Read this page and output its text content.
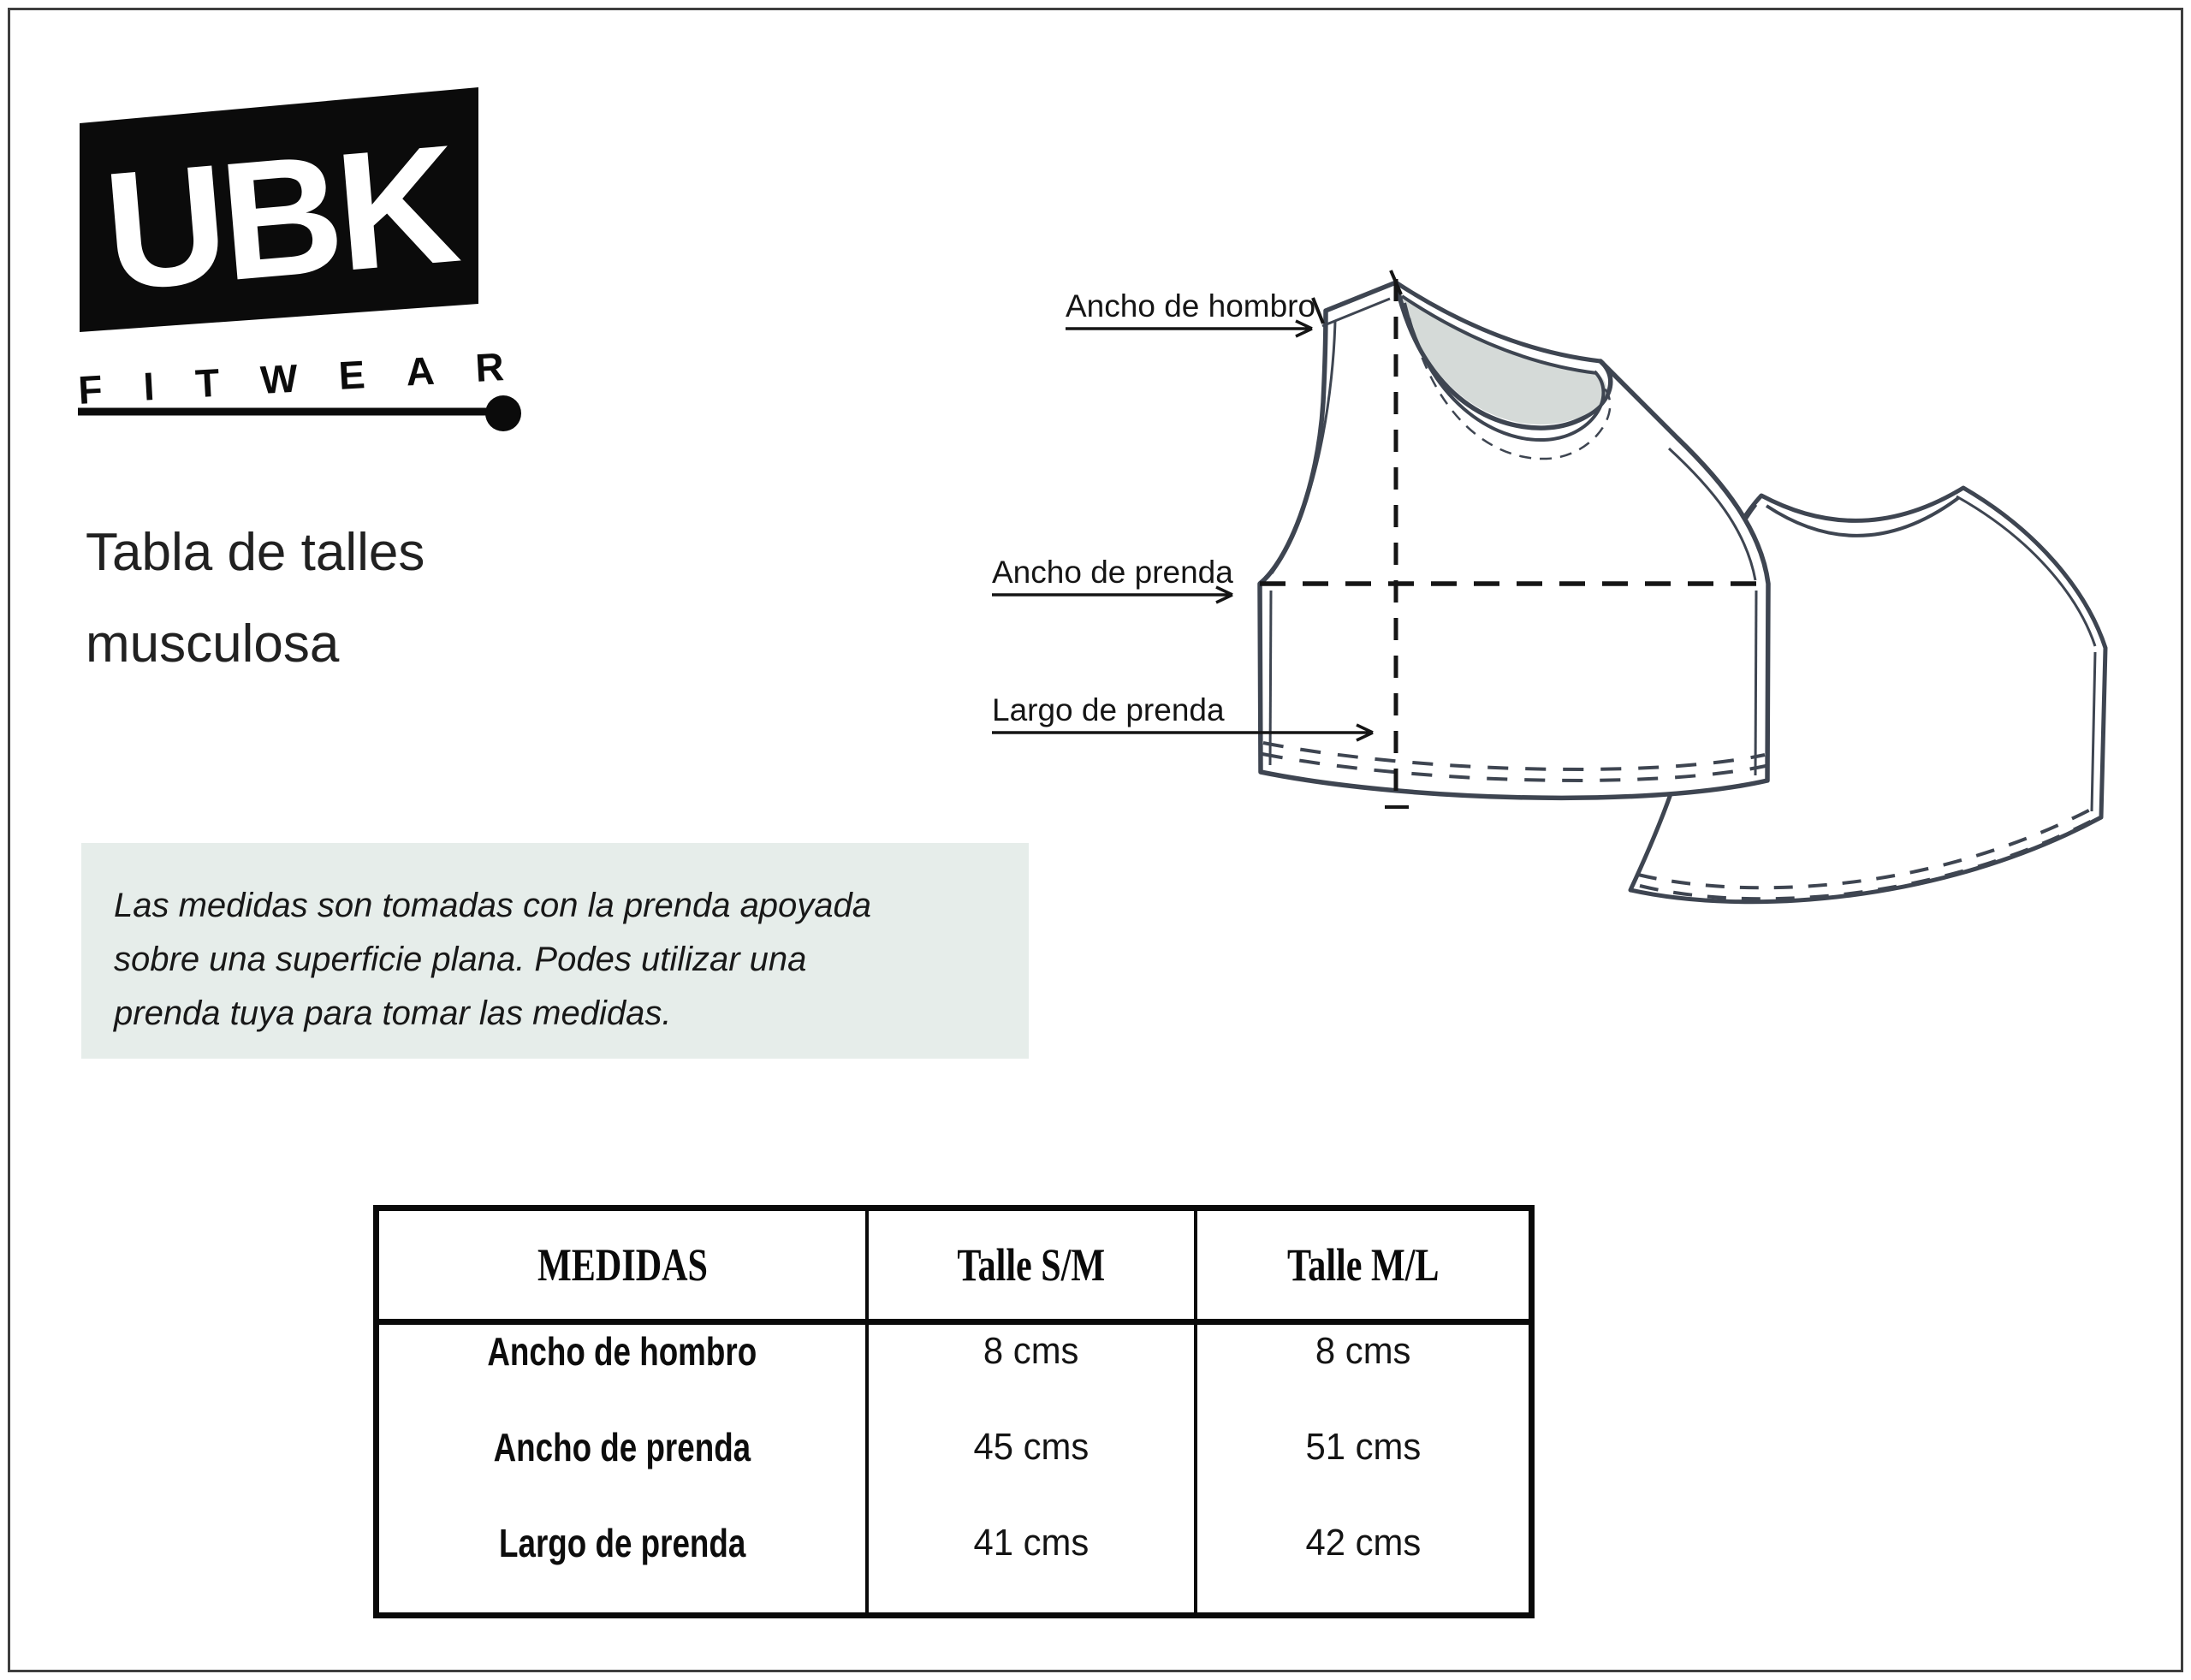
UBK
FITWEAR
Tabla de talles
musculosa
Las medidas son tomadas con la prenda apoyada
sobre una superficie plana. Podes utilizar una
prenda tuya para tomar las medidas.
Ancho de hombro
Ancho de prenda
Largo de prenda
MEDIDAS	Talle S/M	Talle M/L
Ancho de hombro	8 cms	8 cms
Ancho de prenda	45 cms	51 cms
Largo de prenda	41 cms	42 cms
